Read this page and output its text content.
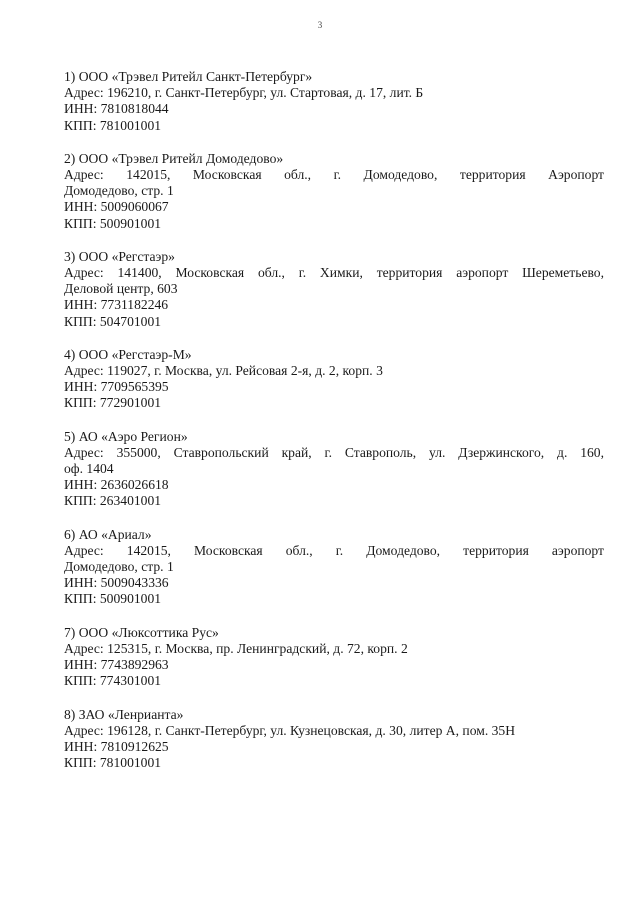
3
1) ООО «Трэвел Ритейл Санкт-Петербург»
Адрес: 196210, г. Санкт-Петербург, ул. Стартовая, д. 17, лит. Б
ИНН: 7810818044
КПП: 781001001
2) ООО «Трэвел Ритейл Домодедово»
Адрес: 142015, Московская обл., г. Домодедово, территория Аэропорт
Домодедово, стр. 1
ИНН: 5009060067
КПП: 500901001
3) ООО «Регстаэр»
Адрес: 141400, Московская обл., г. Химки, территория аэропорт Шереметьево,
Деловой центр, 603
ИНН: 7731182246
КПП: 504701001
4) ООО «Регстаэр-М»
Адрес: 119027, г. Москва, ул. Рейсовая 2-я, д. 2, корп. 3
ИНН: 7709565395
КПП: 772901001
5) АО «Аэро Регион»
Адрес: 355000, Ставропольский край, г. Ставрополь, ул. Дзержинского, д. 160,
оф. 1404
ИНН: 2636026618
КПП: 263401001
6) АО «Ариал»
Адрес: 142015, Московская обл., г. Домодедово, территория аэропорт
Домодедово, стр. 1
ИНН: 5009043336
КПП: 500901001
7) ООО «Люксоттика Рус»
Адрес: 125315, г. Москва, пр. Ленинградский, д. 72, корп. 2
ИНН: 7743892963
КПП: 774301001
8) ЗАО «Ленрианта»
Адрес: 196128, г. Санкт-Петербург, ул. Кузнецовская, д. 30, литер А, пом. 35Н
ИНН: 7810912625
КПП: 781001001
